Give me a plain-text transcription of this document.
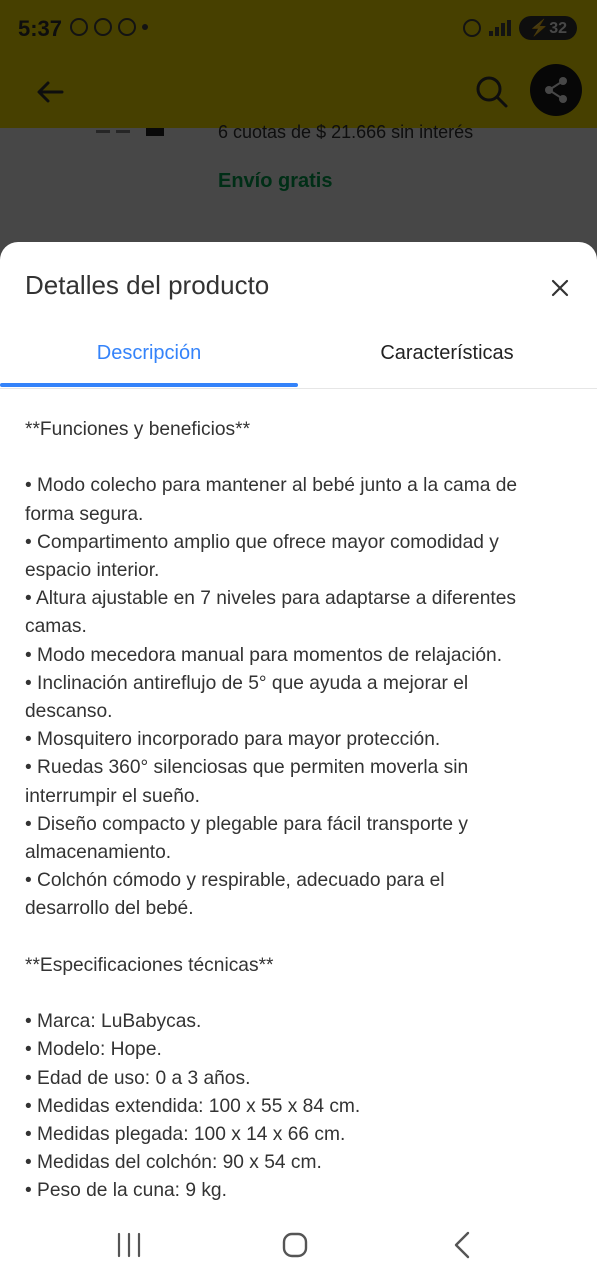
Detalles del producto
Descripción	Características
**Funciones y beneficios**
• Modo colecho para mantener al bebé junto a la cama de
forma segura.
• Compartimento amplio que ofrece mayor comodidad y
espacio interior.
• Altura ajustable en 7 niveles para adaptarse a diferentes
camas.
• Modo mecedora manual para momentos de relajación.
• Inclinación antireflujo de 5° que ayuda a mejorar el
descanso.
• Mosquitero incorporado para mayor protección.
• Ruedas 360° silenciosas que permiten moverla sin
interrumpir el sueño.
• Diseño compacto y plegable para fácil transporte y
almacenamiento.
• Colchón cómodo y respirable, adecuado para el
desarrollo del bebé.
**Especificaciones técnicas**
• Marca: LuBabycas.
• Modelo: Hope.
• Edad de uso: 0 a 3 años.
• Medidas extendida: 100 x 55 x 84 cm.
• Medidas plegada: 100 x 14 x 66 cm.
• Medidas del colchón: 90 x 54 cm.
• Peso de la cuna: 9 kg.
